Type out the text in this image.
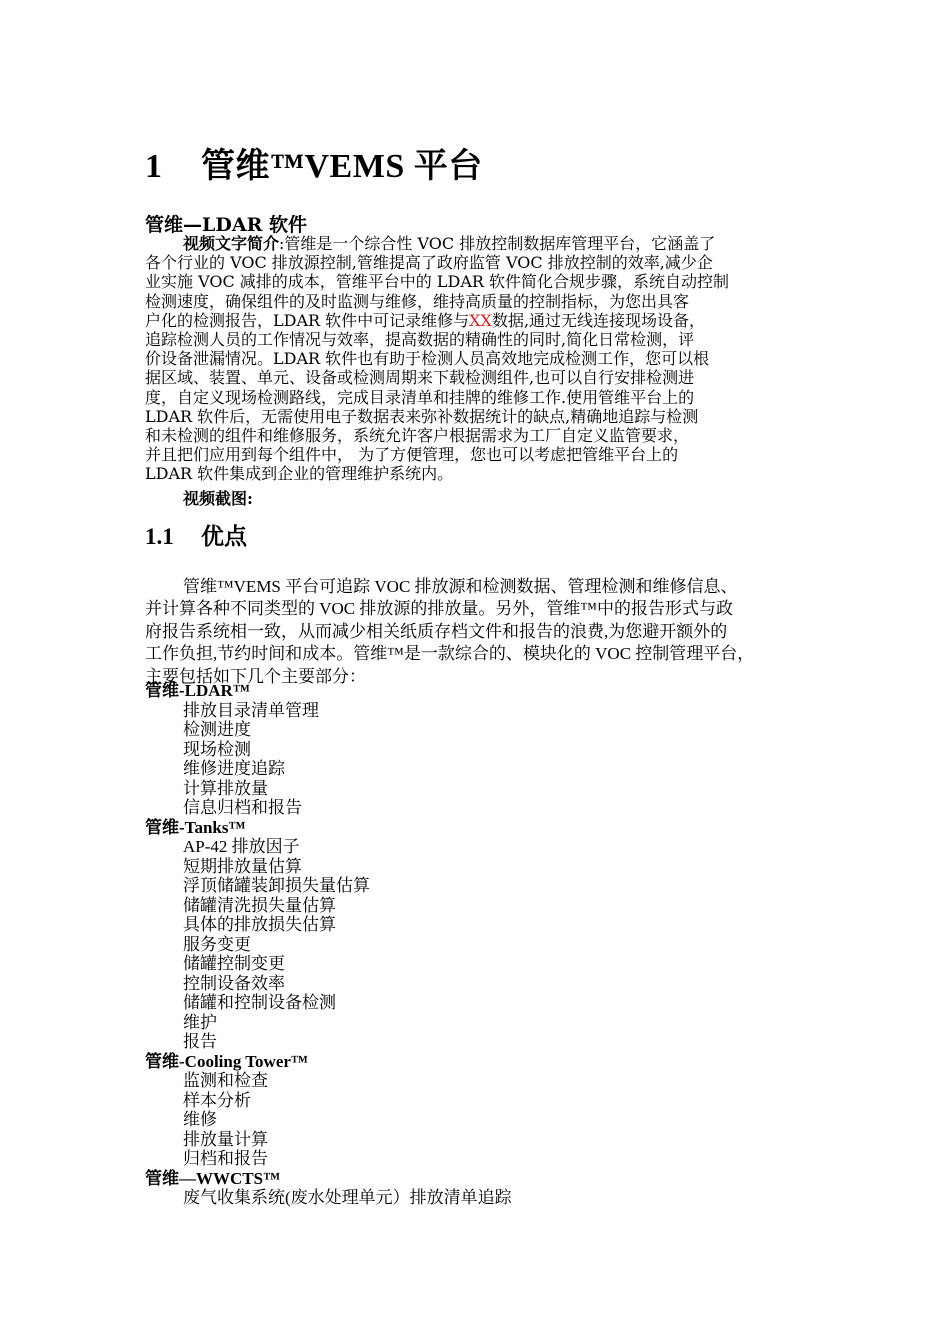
1 管维™VEMS 平台
管维—LDAR 软件
视频文字简介:管维是一个综合性 VOC 排放控制数据库管理平台，它涵盖了
各个行业的 VOC 排放源控制,管维提高了政府监管 VOC 排放控制的效率,减少企
业实施 VOC 减排的成本，管维平台中的 LDAR 软件简化合规步骤，系统自动控制
检测速度，确保组件的及时监测与维修，维持高质量的控制指标，为您出具客
户化的检测报告，LDAR 软件中可记录维修与XX数据,通过无线连接现场设备，
追踪检测人员的工作情况与效率，提高数据的精确性的同时,简化日常检测，评
价设备泄漏情况。LDAR 软件也有助于检测人员高效地完成检测工作，您可以根
据区域、装置、单元、设备或检测周期来下载检测组件,也可以自行安排检测进
度，自定义现场检测路线，完成目录清单和挂牌的维修工作.使用管维平台上的
LDAR 软件后，无需使用电子数据表来弥补数据统计的缺点,精确地追踪与检测
和未检测的组件和维修服务，系统允许客户根据需求为工厂自定义监管要求，
并且把们应用到每个组件中， 为了方便管理，您也可以考虑把管维平台上的
LDAR 软件集成到企业的管理维护系统内。
视频截图:
1.1 优点
管维™VEMS 平台可追踪 VOC 排放源和检测数据、管理检测和维修信息、
并计算各种不同类型的 VOC 排放源的排放量。另外，管维™中的报告形式与政
府报告系统相一致，从而减少相关纸质存档文件和报告的浪费,为您避开额外的
工作负担,节约时间和成本。管维™是一款综合的、模块化的 VOC 控制管理平台，
主要包括如下几个主要部分：
管维-LDAR™
排放目录清单管理
检测进度
现场检测
维修进度追踪
计算排放量
信息归档和报告
管维-Tanks™
AP-42 排放因子
短期排放量估算
浮顶储罐装卸损失量估算
储罐清洗损失量估算
具体的排放损失估算
服务变更
储罐控制变更
控制设备效率
储罐和控制设备检测
维护
报告
管维-Cooling Tower™
监测和检查
样本分析
维修
排放量计算
归档和报告
管维—WWCTS™
废气收集系统(废水处理单元）排放清单追踪
